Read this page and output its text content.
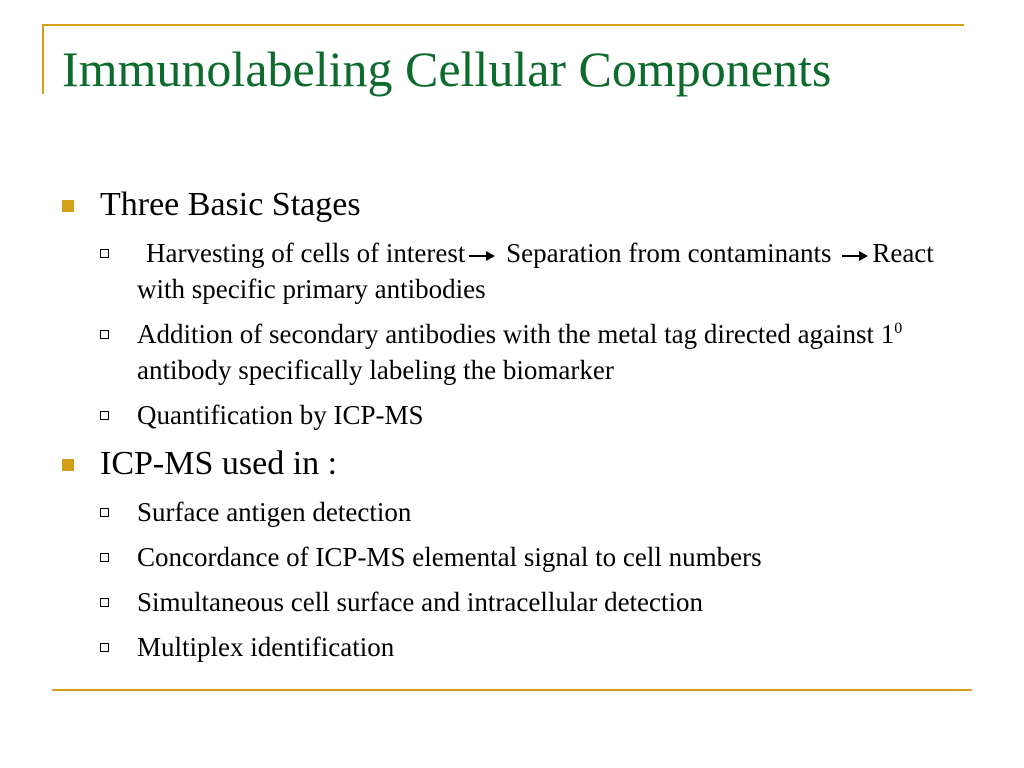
Immunolabeling Cellular Components
Three Basic Stages
Harvesting of cells of interest Separation from contaminants React with specific primary antibodies
Addition of secondary antibodies with the metal tag directed against $1^0$ antibody specifically labeling the biomarker
Quantification by ICP-MS
ICP-MS used in :
Surface antigen detection
Concordance of ICP-MS elemental signal to cell numbers
Simultaneous cell surface and intracellular detection
Multiplex identification
